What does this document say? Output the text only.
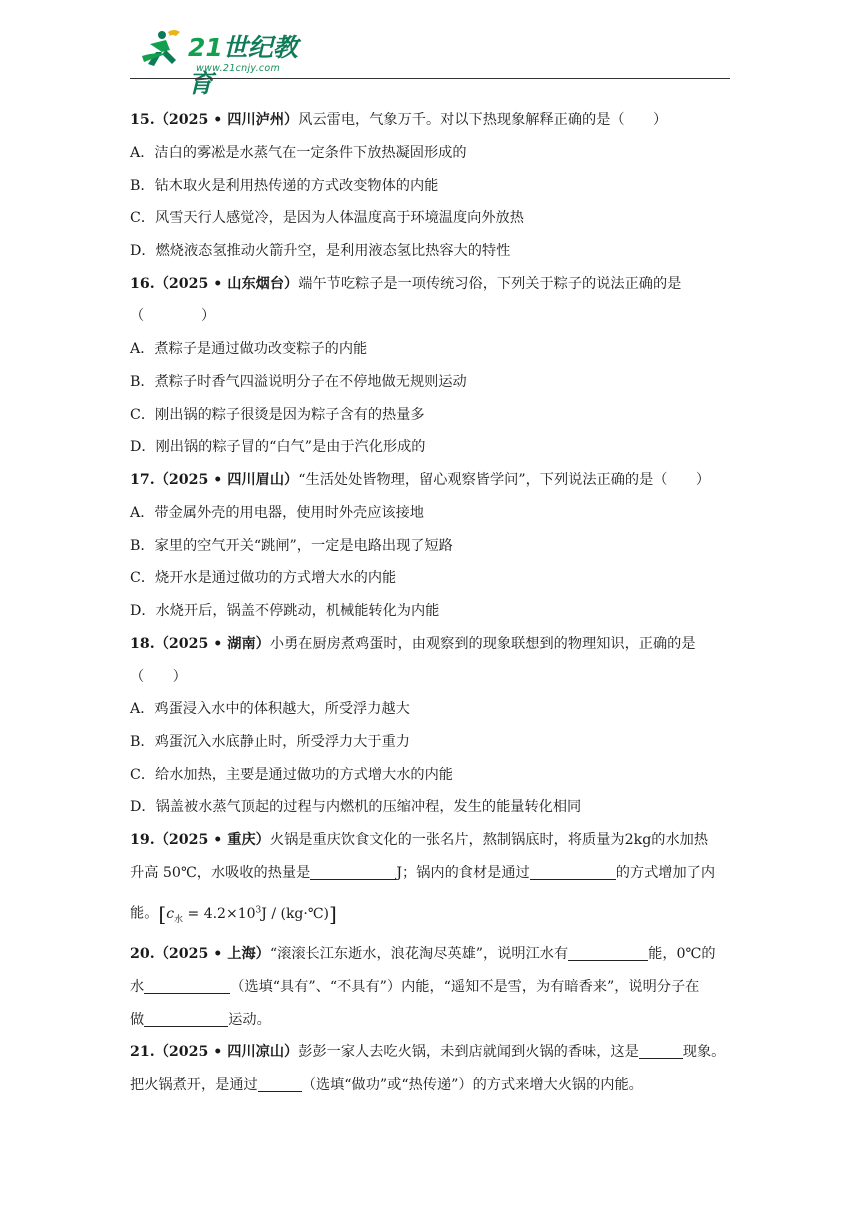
21世纪教育
www.21cnjy.com
15.（2025 • 四川泸州）风云雷电，气象万千。对以下热现象解释正确的是（　　）
A．洁白的雾凇是水蒸气在一定条件下放热凝固形成的
B．钻木取火是利用热传递的方式改变物体的内能
C．风雪天行人感觉冷，是因为人体温度高于环境温度向外放热
D．燃烧液态氢推动火箭升空，是利用液态氢比热容大的特性
16.（2025 • 山东烟台）端午节吃粽子是一项传统习俗，下列关于粽子的说法正确的是
（　　　　）
A．煮粽子是通过做功改变粽子的内能
B．煮粽子时香气四溢说明分子在不停地做无规则运动
C．刚出锅的粽子很烫是因为粽子含有的热量多
D．刚出锅的粽子冒的“白气”是由于汽化形成的
17.（2025 • 四川眉山）“生活处处皆物理，留心观察皆学问”，下列说法正确的是（　　）
A．带金属外壳的用电器，使用时外壳应该接地
B．家里的空气开关“跳闸”，一定是电路出现了短路
C．烧开水是通过做功的方式增大水的内能
D．水烧开后，锅盖不停跳动，机械能转化为内能
18.（2025 • 湖南）小勇在厨房煮鸡蛋时，由观察到的现象联想到的物理知识，正确的是
（　　）
A．鸡蛋浸入水中的体积越大，所受浮力越大
B．鸡蛋沉入水底静止时，所受浮力大于重力
C．给水加热，主要是通过做功的方式增大水的内能
D．锅盖被水蒸气顶起的过程与内燃机的压缩冲程，发生的能量转化相同
19.（2025 • 重庆）火锅是重庆饮食文化的一张名片，熬制锅底时，将质量为2kg的水加热
升高 50℃，水吸收的热量是	J；锅内的食材是通过	的方式增加了内
能。[$c_水 = 4.2\times 10^3J$ / (kg·℃)]
20.（2025 • 上海）“滚滚长江东逝水，浪花淘尽英雄”，说明江水有	能，0℃的
水	（选填“具有”、“不具有”）内能，“遥知不是雪，为有暗香来”，说明分子在
做	运动。
21.（2025 • 四川凉山）彭彭一家人去吃火锅，未到店就闻到火锅的香味，这是	现象。
把火锅煮开，是通过	（选填“做功”或“热传递”）的方式来增大火锅的内能。
